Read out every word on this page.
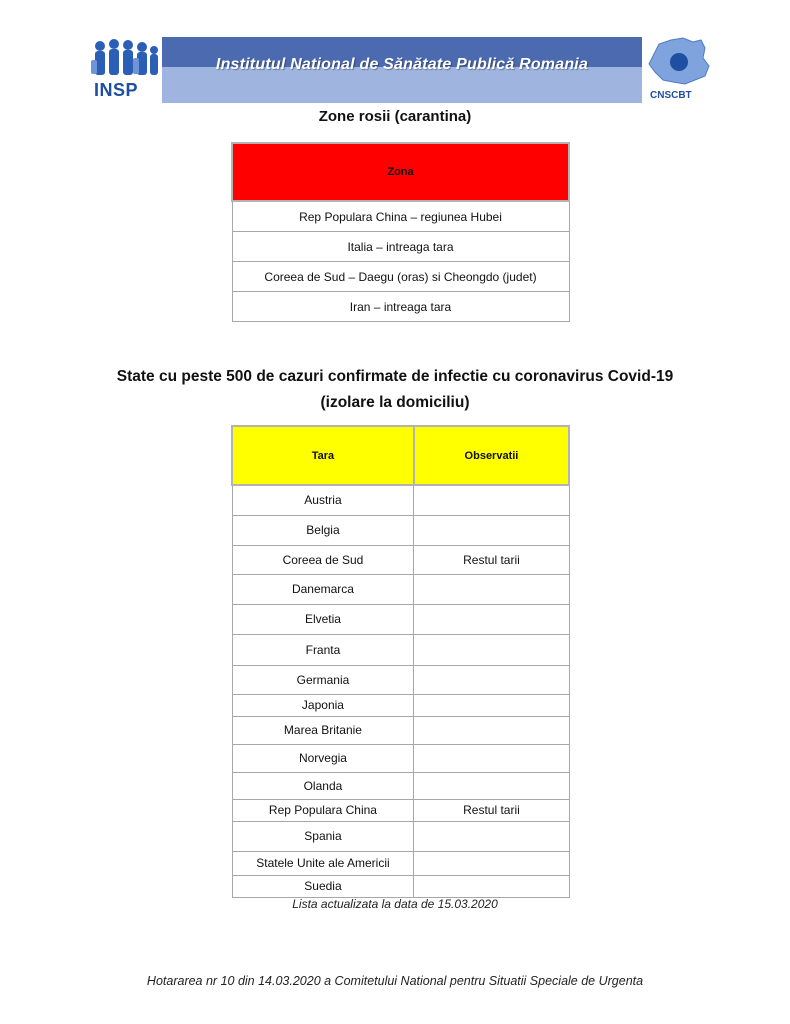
INSP
Institutul National de Sănătate Publică Romania
CNSCBT
Zone rosii (carantina)
Zona
Rep Populara China – regiunea Hubei
Italia – intreaga tara
Coreea de Sud – Daegu (oras) si Cheongdo (judet)
Iran – intreaga tara
State cu peste 500 de cazuri confirmate de infectie cu coronavirus Covid-19
(izolare la domiciliu)
Tara	Observatii
Austria	
Belgia	
Coreea de Sud	Restul tarii
Danemarca	
Elvetia	
Franta	
Germania	
Japonia	
Marea Britanie	
Norvegia	
Olanda	
Rep Populara China	Restul tarii
Spania	
Statele Unite ale Americii	
Suedia	
Lista actualizata la data de 15.03.2020
Hotararea nr 10 din 14.03.2020 a Comitetului National pentru Situatii Speciale de Urgenta
